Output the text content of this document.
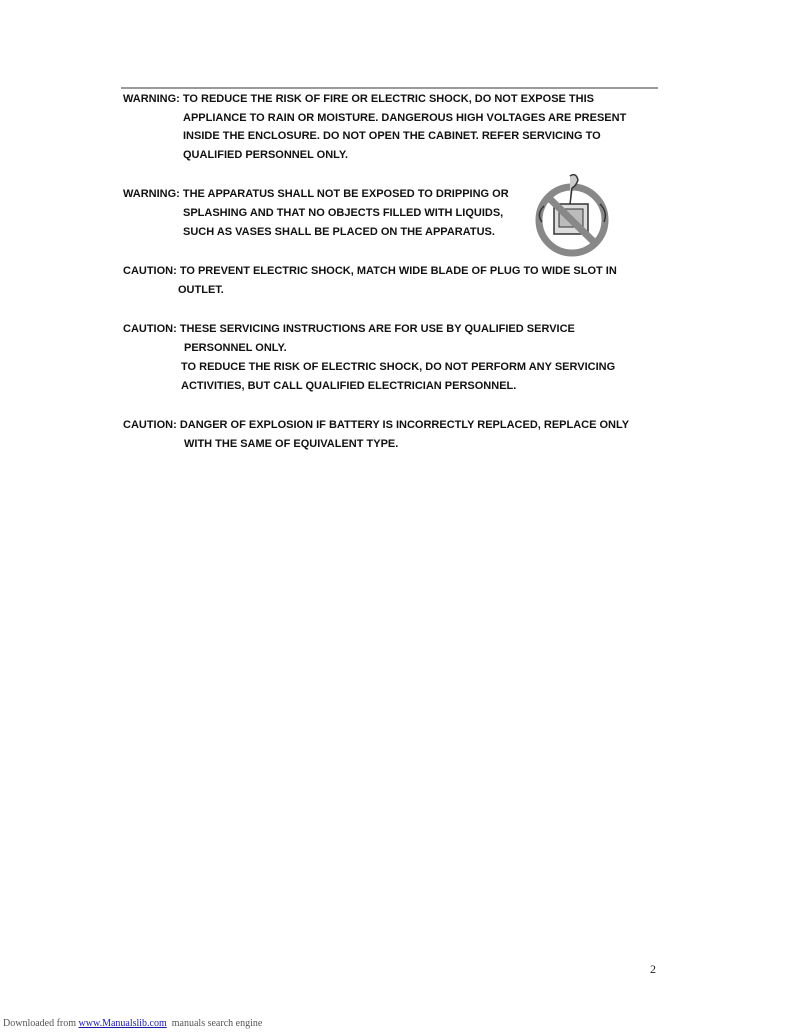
WARNING: TO REDUCE THE RISK OF FIRE OR ELECTRIC SHOCK, DO NOT EXPOSE THIS
APPLIANCE TO RAIN OR MOISTURE. DANGEROUS HIGH VOLTAGES ARE PRESENT
INSIDE THE ENCLOSURE. DO NOT OPEN THE CABINET. REFER SERVICING TO
QUALIFIED PERSONNEL ONLY.
WARNING: THE APPARATUS SHALL NOT BE EXPOSED TO DRIPPING OR
SPLASHING AND THAT NO OBJECTS FILLED WITH LIQUIDS,
SUCH AS VASES SHALL BE PLACED ON THE APPARATUS.
CAUTION: TO PREVENT ELECTRIC SHOCK, MATCH WIDE BLADE OF PLUG TO WIDE SLOT IN
OUTLET.
CAUTION: THESE SERVICING INSTRUCTIONS ARE FOR USE BY QUALIFIED SERVICE
PERSONNEL ONLY.
TO REDUCE THE RISK OF ELECTRIC SHOCK, DO NOT PERFORM ANY SERVICING
ACTIVITIES, BUT CALL QUALIFIED ELECTRICIAN PERSONNEL.
CAUTION: DANGER OF EXPLOSION IF BATTERY IS INCORRECTLY REPLACED, REPLACE ONLY
WITH THE SAME OF EQUIVALENT TYPE.
2
Downloaded from www.Manualslib.com  manuals search engine
